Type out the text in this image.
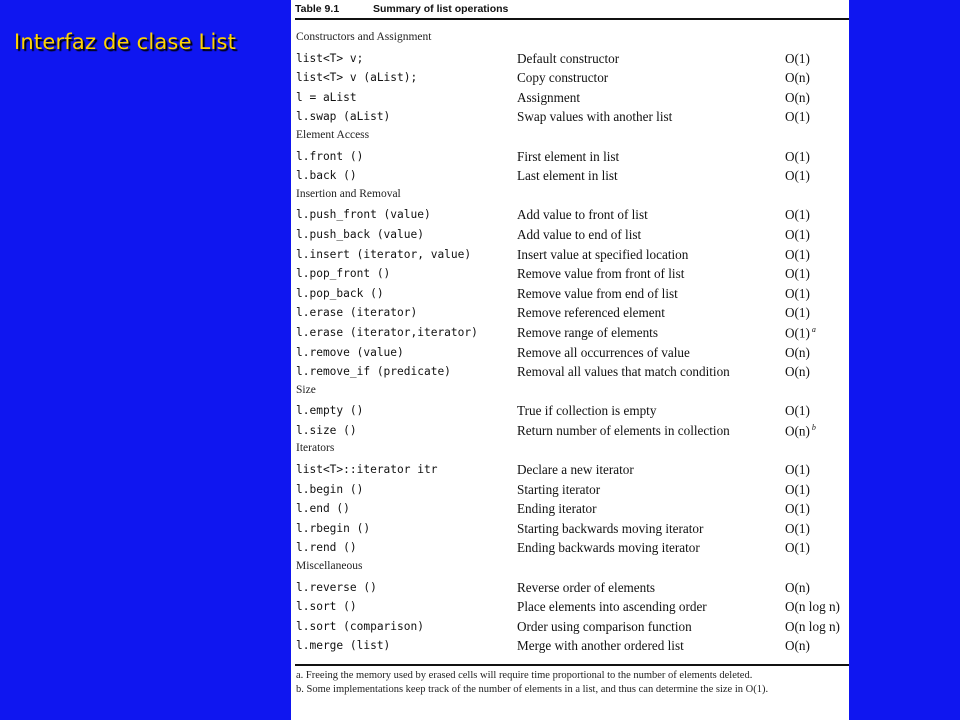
Interfaz de clase List
Table 9.1	Summary of list operations
Constructors and Assignment
list<T> v;	Default constructor	O(1)
list<T> v (aList);	Copy constructor	O(n)
l = aList	Assignment	O(n)
l.swap (aList)	Swap values with another list	O(1)
Element Access
l.front ()	First element in list	O(1)
l.back ()	Last element in list	O(1)
Insertion and Removal
l.push_front (value)	Add value to front of list	O(1)
l.push_back (value)	Add value to end of list	O(1)
l.insert (iterator, value)	Insert value at specified location	O(1)
l.pop_front ()	Remove value from front of list	O(1)
l.pop_back ()	Remove value from end of list	O(1)
l.erase (iterator)	Remove referenced element	O(1)
l.erase (iterator,iterator)	Remove range of elements	O(1) $^a$
l.remove (value)	Remove all occurrences of value	O(n)
l.remove_if (predicate)	Removal all values that match condition	O(n)
Size
l.empty ()	True if collection is empty	O(1)
l.size ()	Return number of elements in collection	O(n) $^b$
Iterators
list<T>::iterator itr	Declare a new iterator	O(1)
l.begin ()	Starting iterator	O(1)
l.end ()	Ending iterator	O(1)
l.rbegin ()	Starting backwards moving iterator	O(1)
l.rend ()	Ending backwards moving iterator	O(1)
Miscellaneous
l.reverse ()	Reverse order of elements	O(n)
l.sort ()	Place elements into ascending order	O(n log n)
l.sort (comparison)	Order using comparison function	O(n log n)
l.merge (list)	Merge with another ordered list	O(n)
a. Freeing the memory used by erased cells will require time proportional to the number of elements deleted.
b. Some implementations keep track of the number of elements in a list, and thus can determine the size in O(1).
